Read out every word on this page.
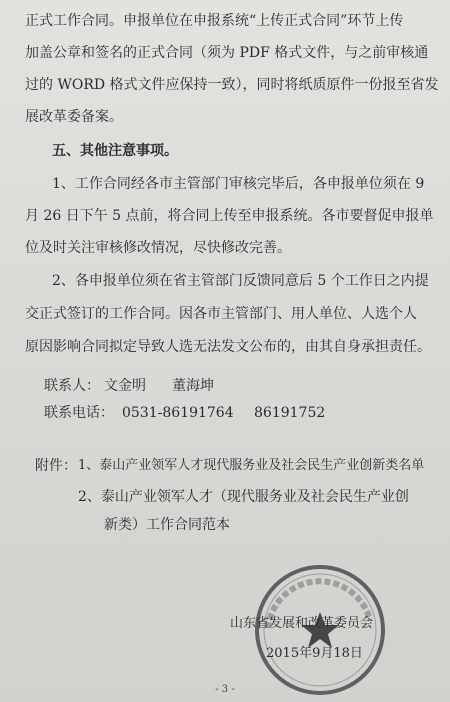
正式工作合同。申报单位在申报系统“上传正式合同”环节上传
加盖公章和签名的正式合同（须为 PDF 格式文件，与之前审核通
过的 WORD 格式文件应保持一致），同时将纸质原件一份报至省发
展改革委备案。
五、其他注意事项。
1、工作合同经各市主管部门审核完毕后，各申报单位须在 9
月 26 日下午 5 点前，将合同上传至申报系统。各市要督促申报单
位及时关注审核修改情况，尽快修改完善。
2、各申报单位须在省主管部门反馈同意后 5 个工作日之内提
交正式签订的工作合同。因各市主管部门、用人单位、人选个人
原因影响合同拟定导致人选无法发文公布的，由其自身承担责任。
联系人： 文金明 董海坤
联系电话： 0531-86191764 86191752
附件： 1、泰山产业领军人才现代服务业及社会民生产业创新类名单
2、泰山产业领军人才（现代服务业及社会民生产业创
新类）工作合同范本
山东省发展和改革委员会
2015年9月18日
- 3 -
